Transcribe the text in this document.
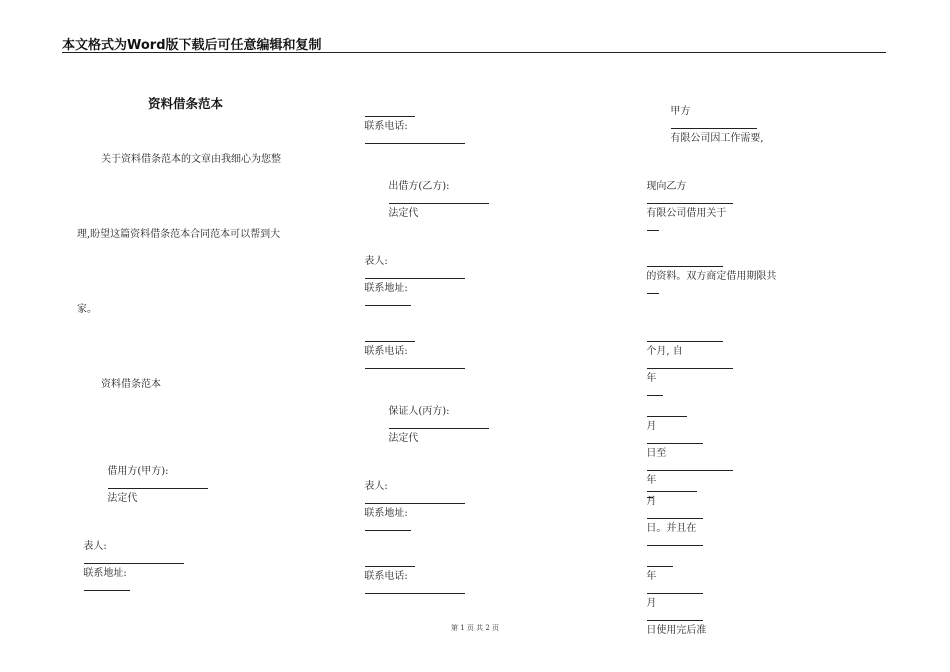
本文格式为Word版下载后可任意编辑和复制
资料借条范本
关于资料借条范本的文章由我细心为您整
理,盼望这篇资料借条范本合同范本可以帮到大
家。
资料借条范本

借用方(甲方):

法定代

表人:

联系地址:

联系电话:

出借方(乙方):

法定代

表人:

联系地址:

联系电话:

保证人(丙方):

法定代

表人:

联系地址:

联系电话:

甲方

有限公司因工作需要,

现向乙方

有限公司借用关于

的资料。双方商定借用期限共

个月, 自

年

月

日至

年

月

日。并且在

年

月

日使用完后准

第 1 页 共 2 页
